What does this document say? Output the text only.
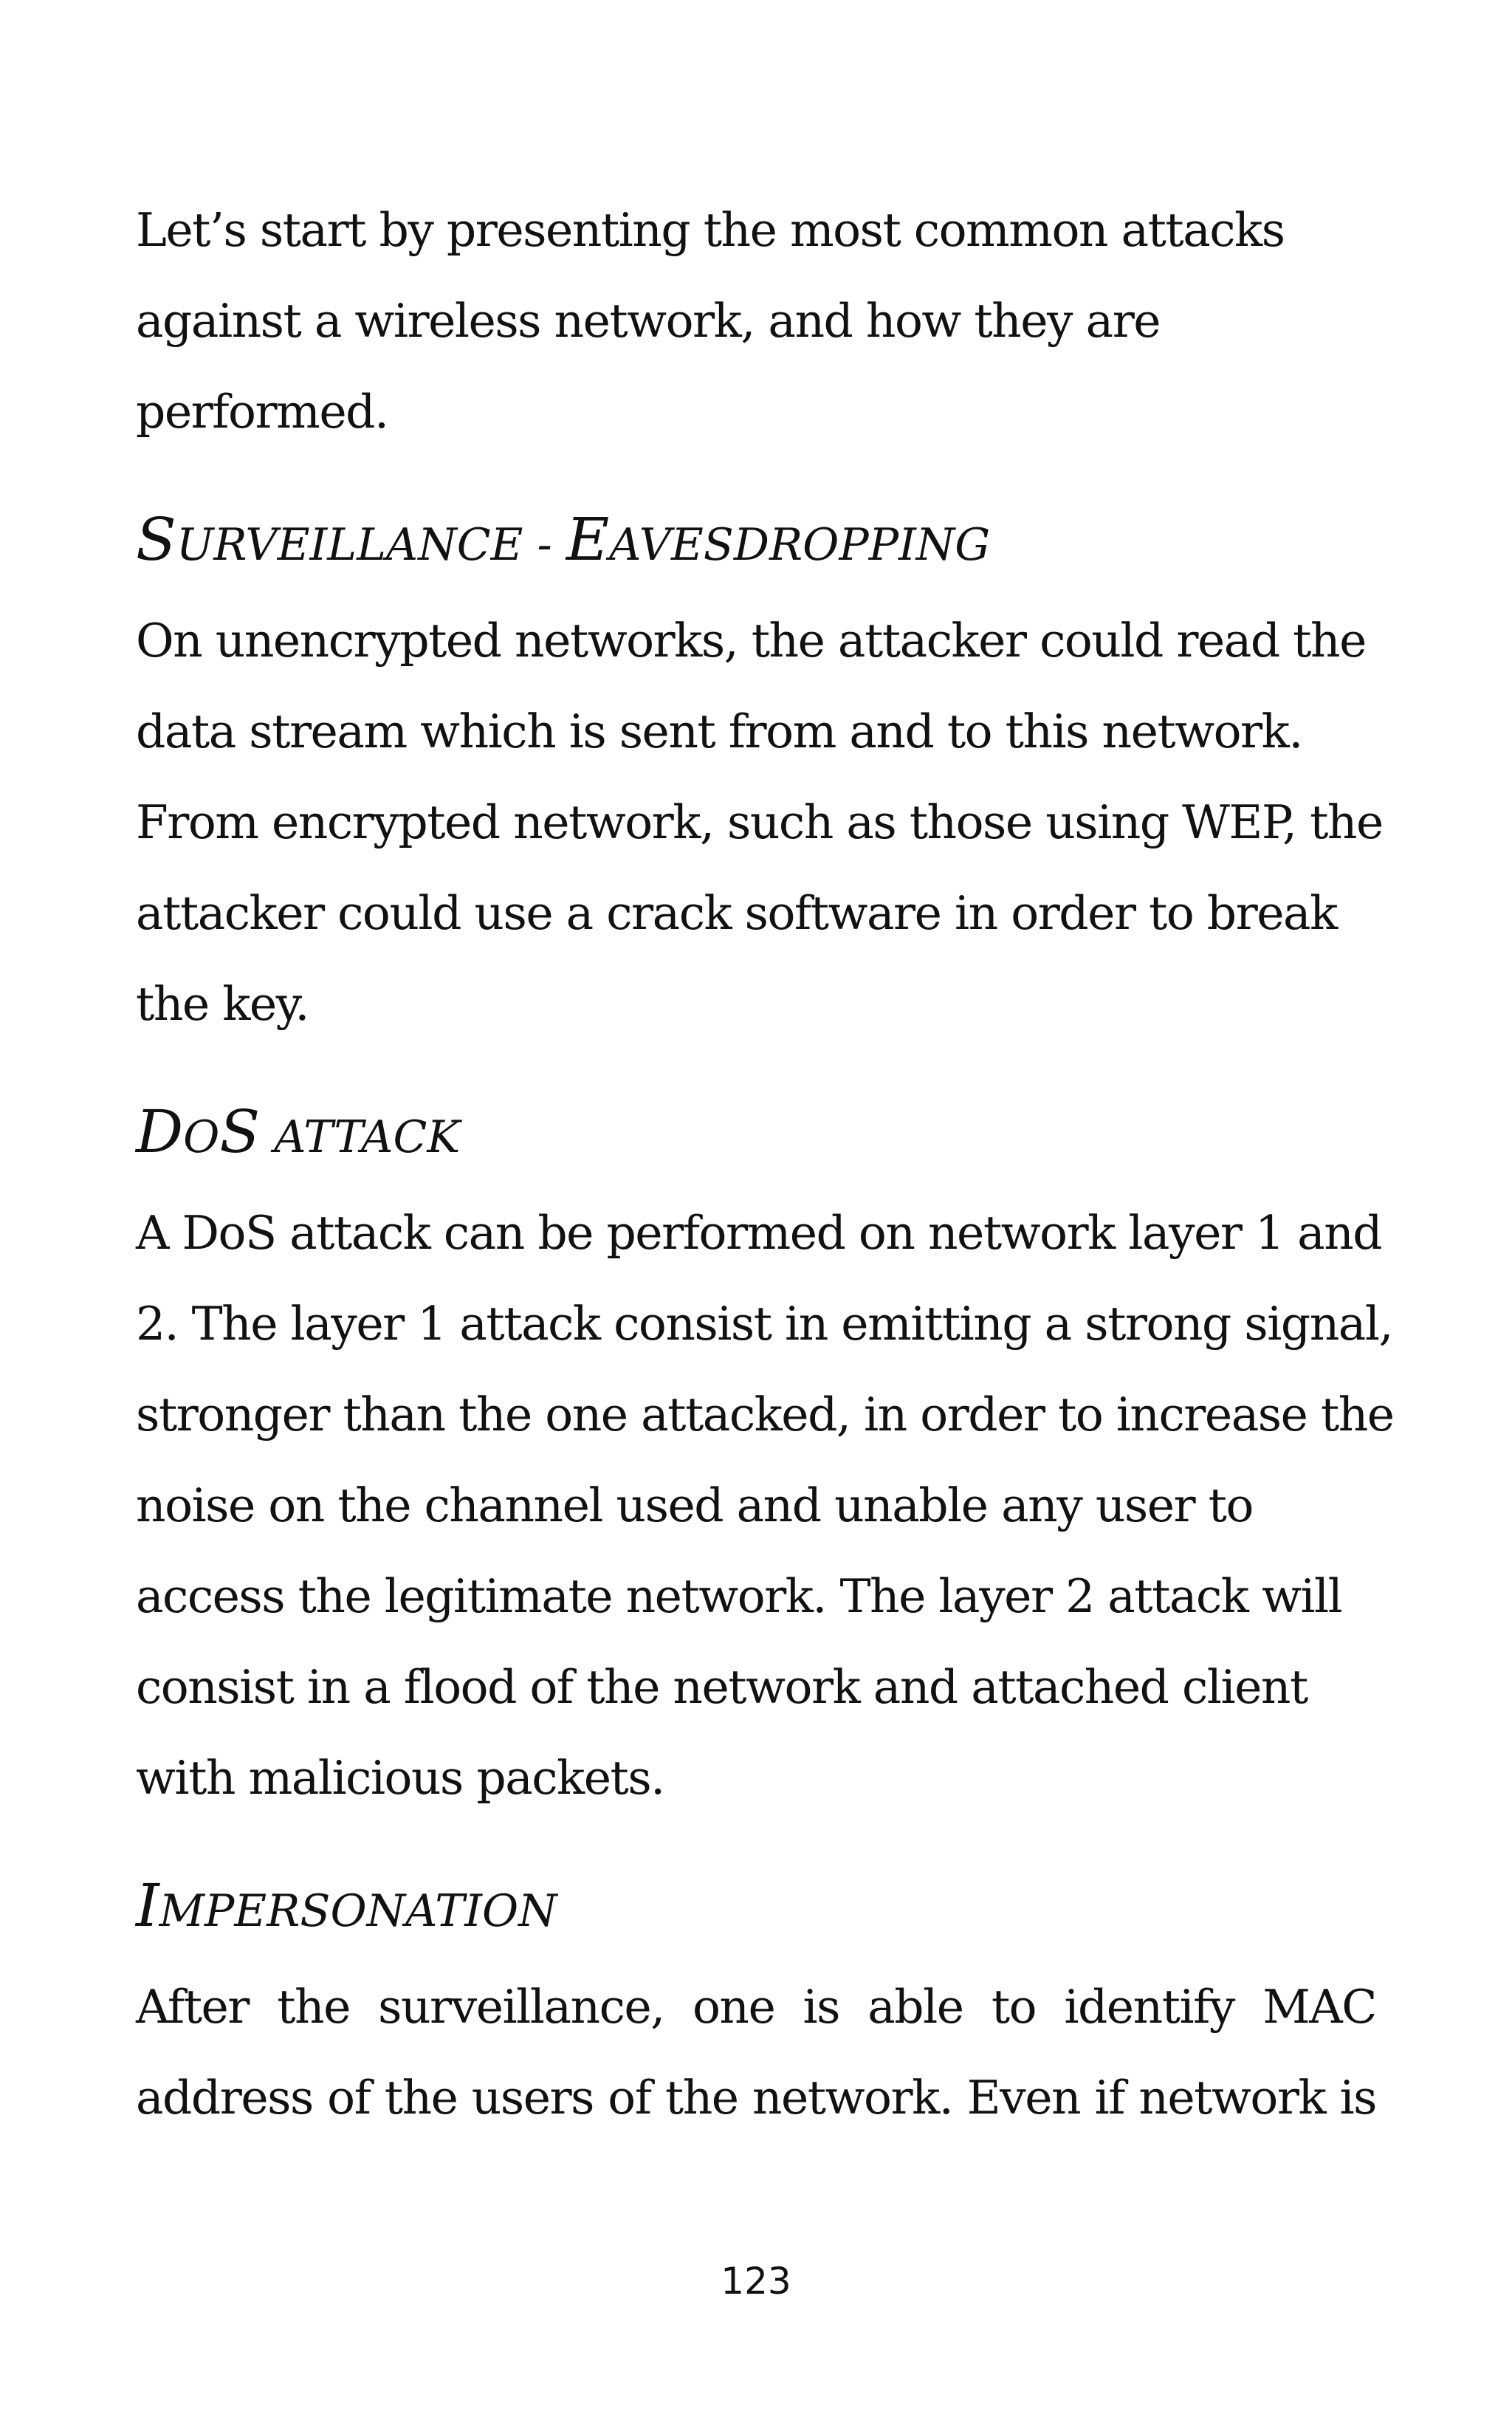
Let’s start by presenting the most common attacks
against a wireless network, and how they are
performed.
SURVEILLANCE - EAVESDROPPING
On unencrypted networks, the attacker could read the
data stream which is sent from and to this network.
From encrypted network, such as those using WEP, the
attacker could use a crack software in order to break
the key.
DOS ATTACK
A DoS attack can be performed on network layer 1 and
2. The layer 1 attack consist in emitting a strong signal,
stronger than the one attacked, in order to increase the
noise on the channel used and unable any user to
access the legitimate network. The layer 2 attack will
consist in a flood of the network and attached client
with malicious packets.
IMPERSONATION
After the surveillance, one is able to identify MAC
address of the users of the network. Even if network is
123
